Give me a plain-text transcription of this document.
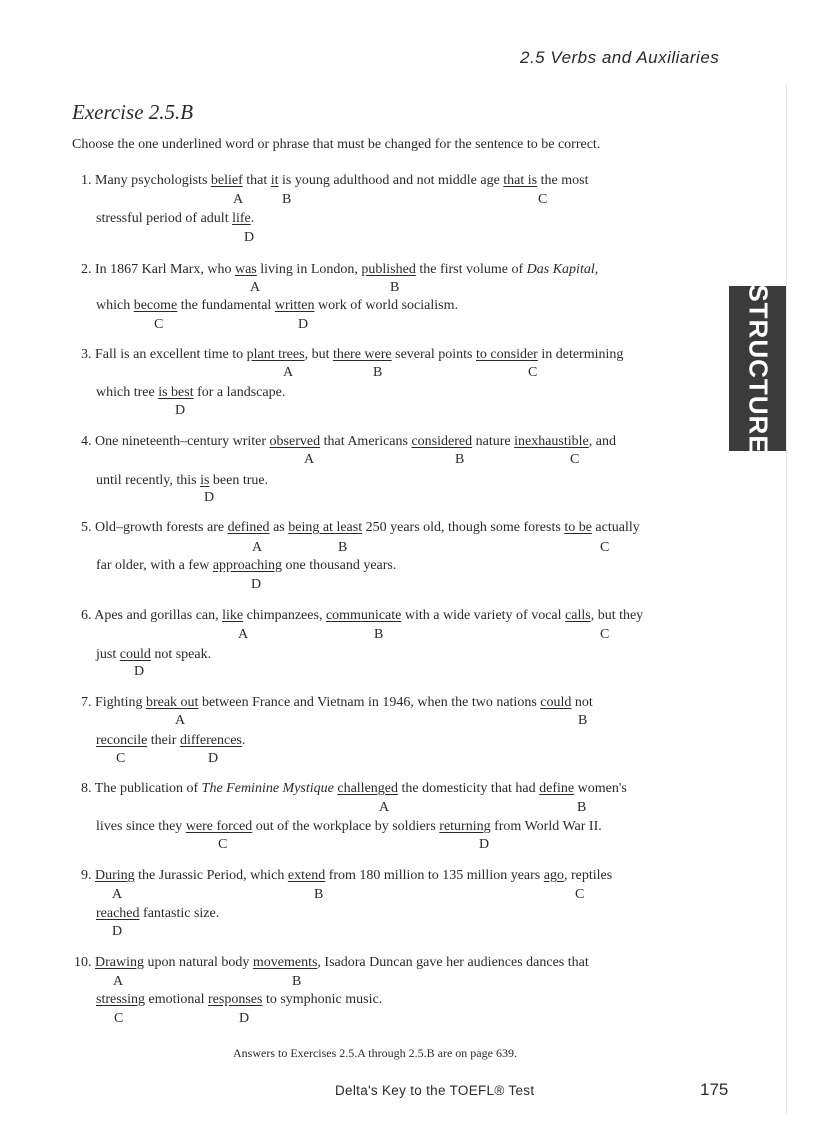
2.5 Verbs and Auxiliaries
Exercise 2.5.B
Choose the one underlined word or phrase that must be changed for the sentence to be correct.
1. Many psychologists belief that it is young adulthood and not middle age that is the most
A	B	C
stressful period of adult life.
D
2. In 1867 Karl Marx, who was living in London, published the first volume of Das Kapital,
A	B
which become the fundamental written work of world socialism.
C	D
3. Fall is an excellent time to plant trees, but there were several points to consider in determining
A	B	C
which tree is best for a landscape.
D
4. One nineteenth–century writer observed that Americans considered nature inexhaustible, and
A	B	C
until recently, this is been true.
D
5. Old–growth forests are defined as being at least 250 years old, though some forests to be actually
A	B	C
far older, with a few approaching one thousand years.
D
6. Apes and gorillas can, like chimpanzees, communicate with a wide variety of vocal calls, but they
A	B	C
just could not speak.
D
7. Fighting break out between France and Vietnam in 1946, when the two nations could not
A	B
reconcile their differences.
C	D
8. The publication of The Feminine Mystique challenged the domesticity that had define women's
A	B
lives since they were forced out of the workplace by soldiers returning from World War II.
C	D
9. During the Jurassic Period, which extend from 180 million to 135 million years ago, reptiles
A	B	C
reached fantastic size.
D
10. Drawing upon natural body movements, Isadora Duncan gave her audiences dances that
A	B
stressing emotional responses to symphonic music.
C	D
STRUCTURE
Answers to Exercises 2.5.A through 2.5.B are on page 639.
Delta's Key to the TOEFL® Test	175
